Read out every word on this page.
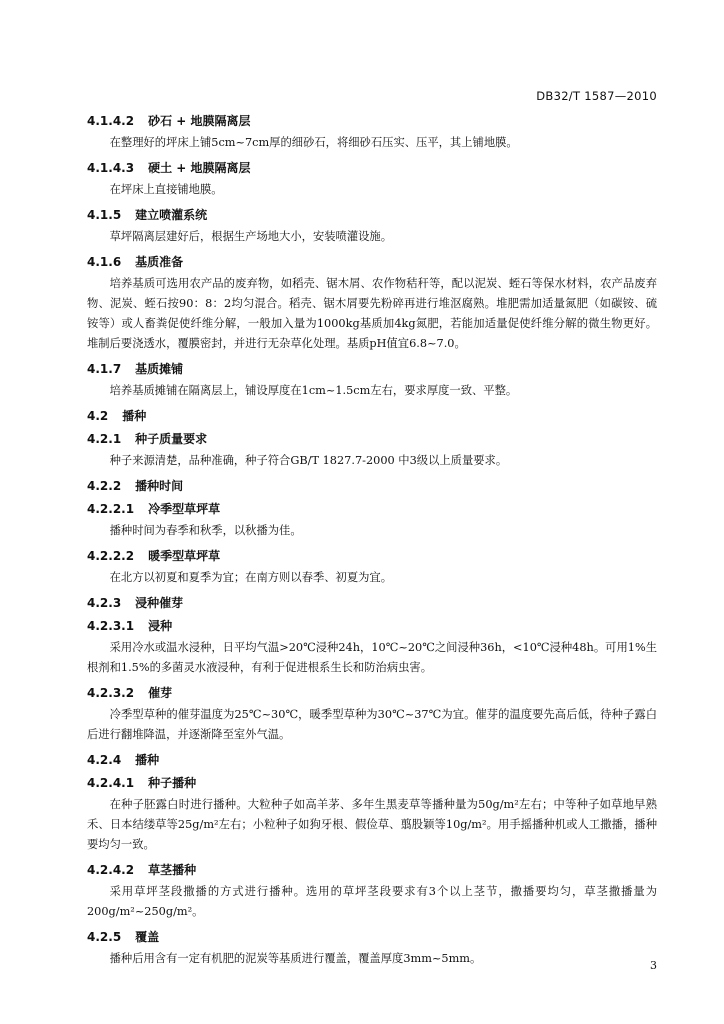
DB32/T 1587—2010
4.1.4.2 砂石 + 地膜隔离层

在整理好的坪床上铺5cm~7cm厚的细砂石，将细砂石压实、压平，其上铺地膜。

4.1.4.3 硬土 + 地膜隔离层

在坪床上直接铺地膜。

4.1.5 建立喷灌系统

草坪隔离层建好后，根据生产场地大小，安装喷灌设施。

4.1.6 基质准备

培养基质可选用农产品的废弃物，如稻壳、锯木屑、农作物秸秆等，配以泥炭、蛭石等保水材料，农产品废弃物、泥炭、蛭石按90：8：2均匀混合。稻壳、锯木屑要先粉碎再进行堆沤腐熟。堆肥需加适量氮肥（如碳铵、硫铵等）或人畜粪促使纤维分解，一般加入量为1000kg基质加4kg氮肥，若能加适量促使纤维分解的微生物更好。堆制后要浇透水，覆膜密封，并进行无杂草化处理。基质pH值宜6.8~7.0。

4.1.7 基质摊铺

培养基质摊铺在隔离层上，铺设厚度在1cm~1.5cm左右，要求厚度一致、平整。

4.2 播种
4.2.1 种子质量要求

种子来源清楚，品种准确，种子符合GB/T 1827.7-2000 中3级以上质量要求。

4.2.2 播种时间
4.2.2.1 冷季型草坪草

播种时间为春季和秋季，以秋播为佳。

4.2.2.2 暖季型草坪草

在北方以初夏和夏季为宜；在南方则以春季、初夏为宜。

4.2.3 浸种催芽
4.2.3.1 浸种

采用冷水或温水浸种，日平均气温>20℃浸种24h，10℃~20℃之间浸种36h，<10℃浸种48h。可用1%生根剂和1.5%的多菌灵水液浸种，有利于促进根系生长和防治病虫害。

4.2.3.2 催芽

冷季型草种的催芽温度为25℃~30℃，暖季型草种为30℃~37℃为宜。催芽的温度要先高后低，待种子露白后进行翻堆降温，并逐渐降至室外气温。

4.2.4 播种
4.2.4.1 种子播种

在种子胚露白时进行播种。大粒种子如高羊茅、多年生黑麦草等播种量为50g/m²左右；中等种子如草地早熟禾、日本结缕草等25g/m²左右；小粒种子如狗牙根、假俭草、翦股颖等10g/m²。用手摇播种机或人工撒播，播种要均匀一致。

4.2.4.2 草茎播种

采用草坪茎段撒播的方式进行播种。选用的草坪茎段要求有3个以上茎节，撒播要均匀，草茎撒播量为200g/m²~250g/m²。

4.2.5 覆盖

播种后用含有一定有机肥的泥炭等基质进行覆盖，覆盖厚度3mm~5mm。

3
